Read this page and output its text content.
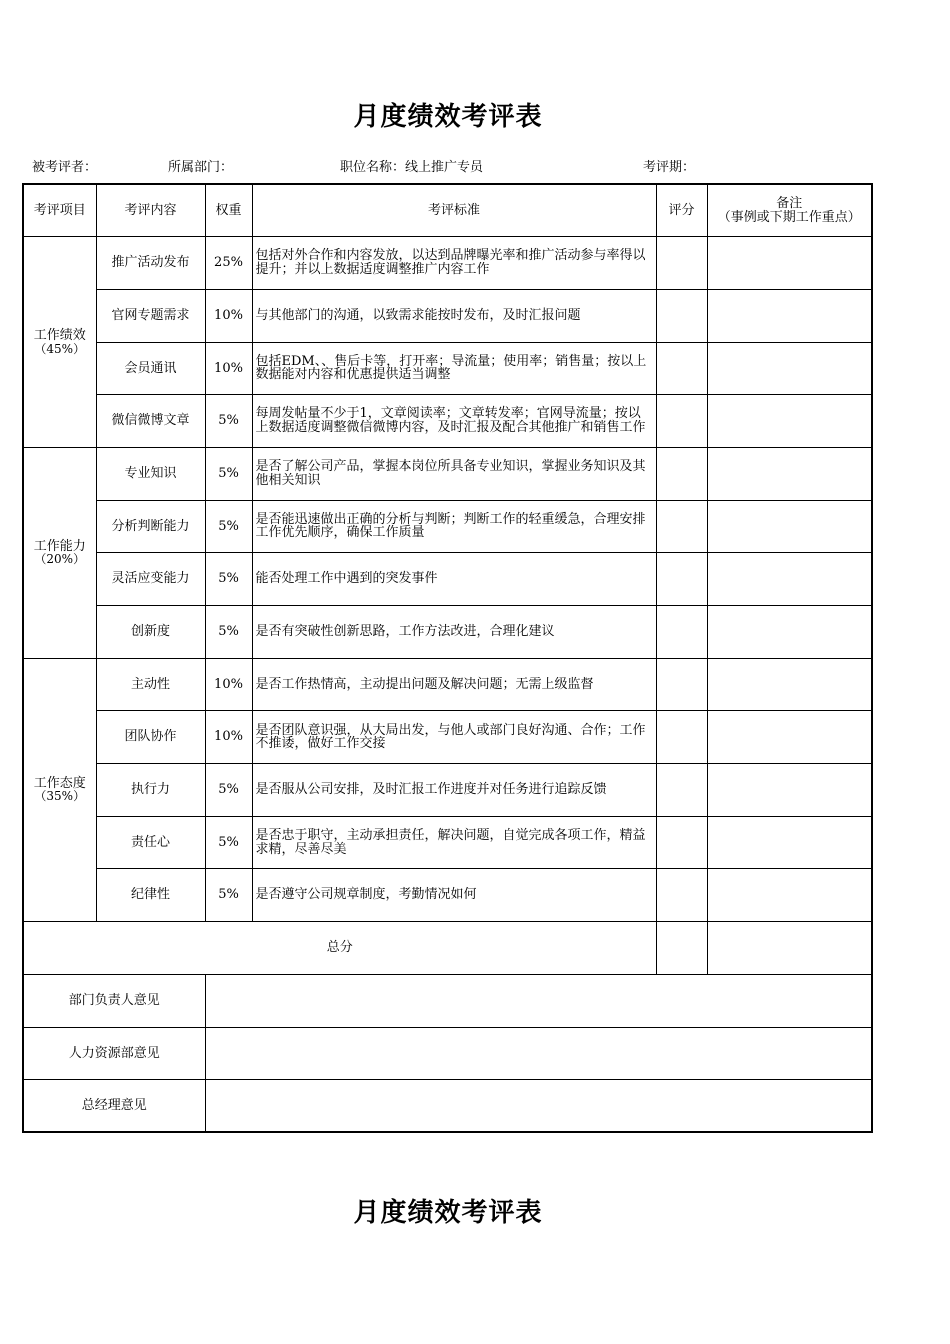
月度绩效考评表
被考评者：	所属部门：	职位名称：线上推广专员	考评期：
考评项目	考评内容	权重	考评标准	评分	备注
（事例或下期工作重点）
工作绩效

（45%）	推广活动发布	25%	包括对外合作和内容发放，以达到品牌曝光率和推广活动参与率得以提升；并以上数据适度调整推广内容工作		
	官网专题需求	10%	与其他部门的沟通，以致需求能按时发布，及时汇报问题		
	会员通讯	10%	包括EDM、、售后卡等，打开率；导流量；使用率；销售量；按以上数据能对内容和优惠提供适当调整		
	微信微博文章	5%	每周发帖量不少于1，文章阅读率；文章转发率；官网导流量；按以上数据适度调整微信微博内容，及时汇报及配合其他推广和销售工作		
工作能力

（20%）	专业知识	5%	是否了解公司产品，掌握本岗位所具备专业知识，掌握业务知识及其他相关知识		
	分析判断能力	5%	是否能迅速做出正确的分析与判断；判断工作的轻重缓急，合理安排工作优先顺序，确保工作质量		
	灵活应变能力	5%	能否处理工作中遇到的突发事件		
	创新度	5%	是否有突破性创新思路，工作方法改进，合理化建议		
工作态度

（35%）	主动性	10%	是否工作热情高，主动提出问题及解决问题；无需上级监督		
	团队协作	10%	是否团队意识强，从大局出发，与他人或部门良好沟通、合作；工作不推诿，做好工作交接		
	执行力	5%	是否服从公司安排，及时汇报工作进度并对任务进行追踪反馈		
	责任心	5%	是否忠于职守，主动承担责任，解决问题，自觉完成各项工作，精益求精，尽善尽美		
	纪律性	5%	是否遵守公司规章制度，考勤情况如何		
总分					
部门负责人意见					
人力资源部意见					
总经理意见					
月度绩效考评表
